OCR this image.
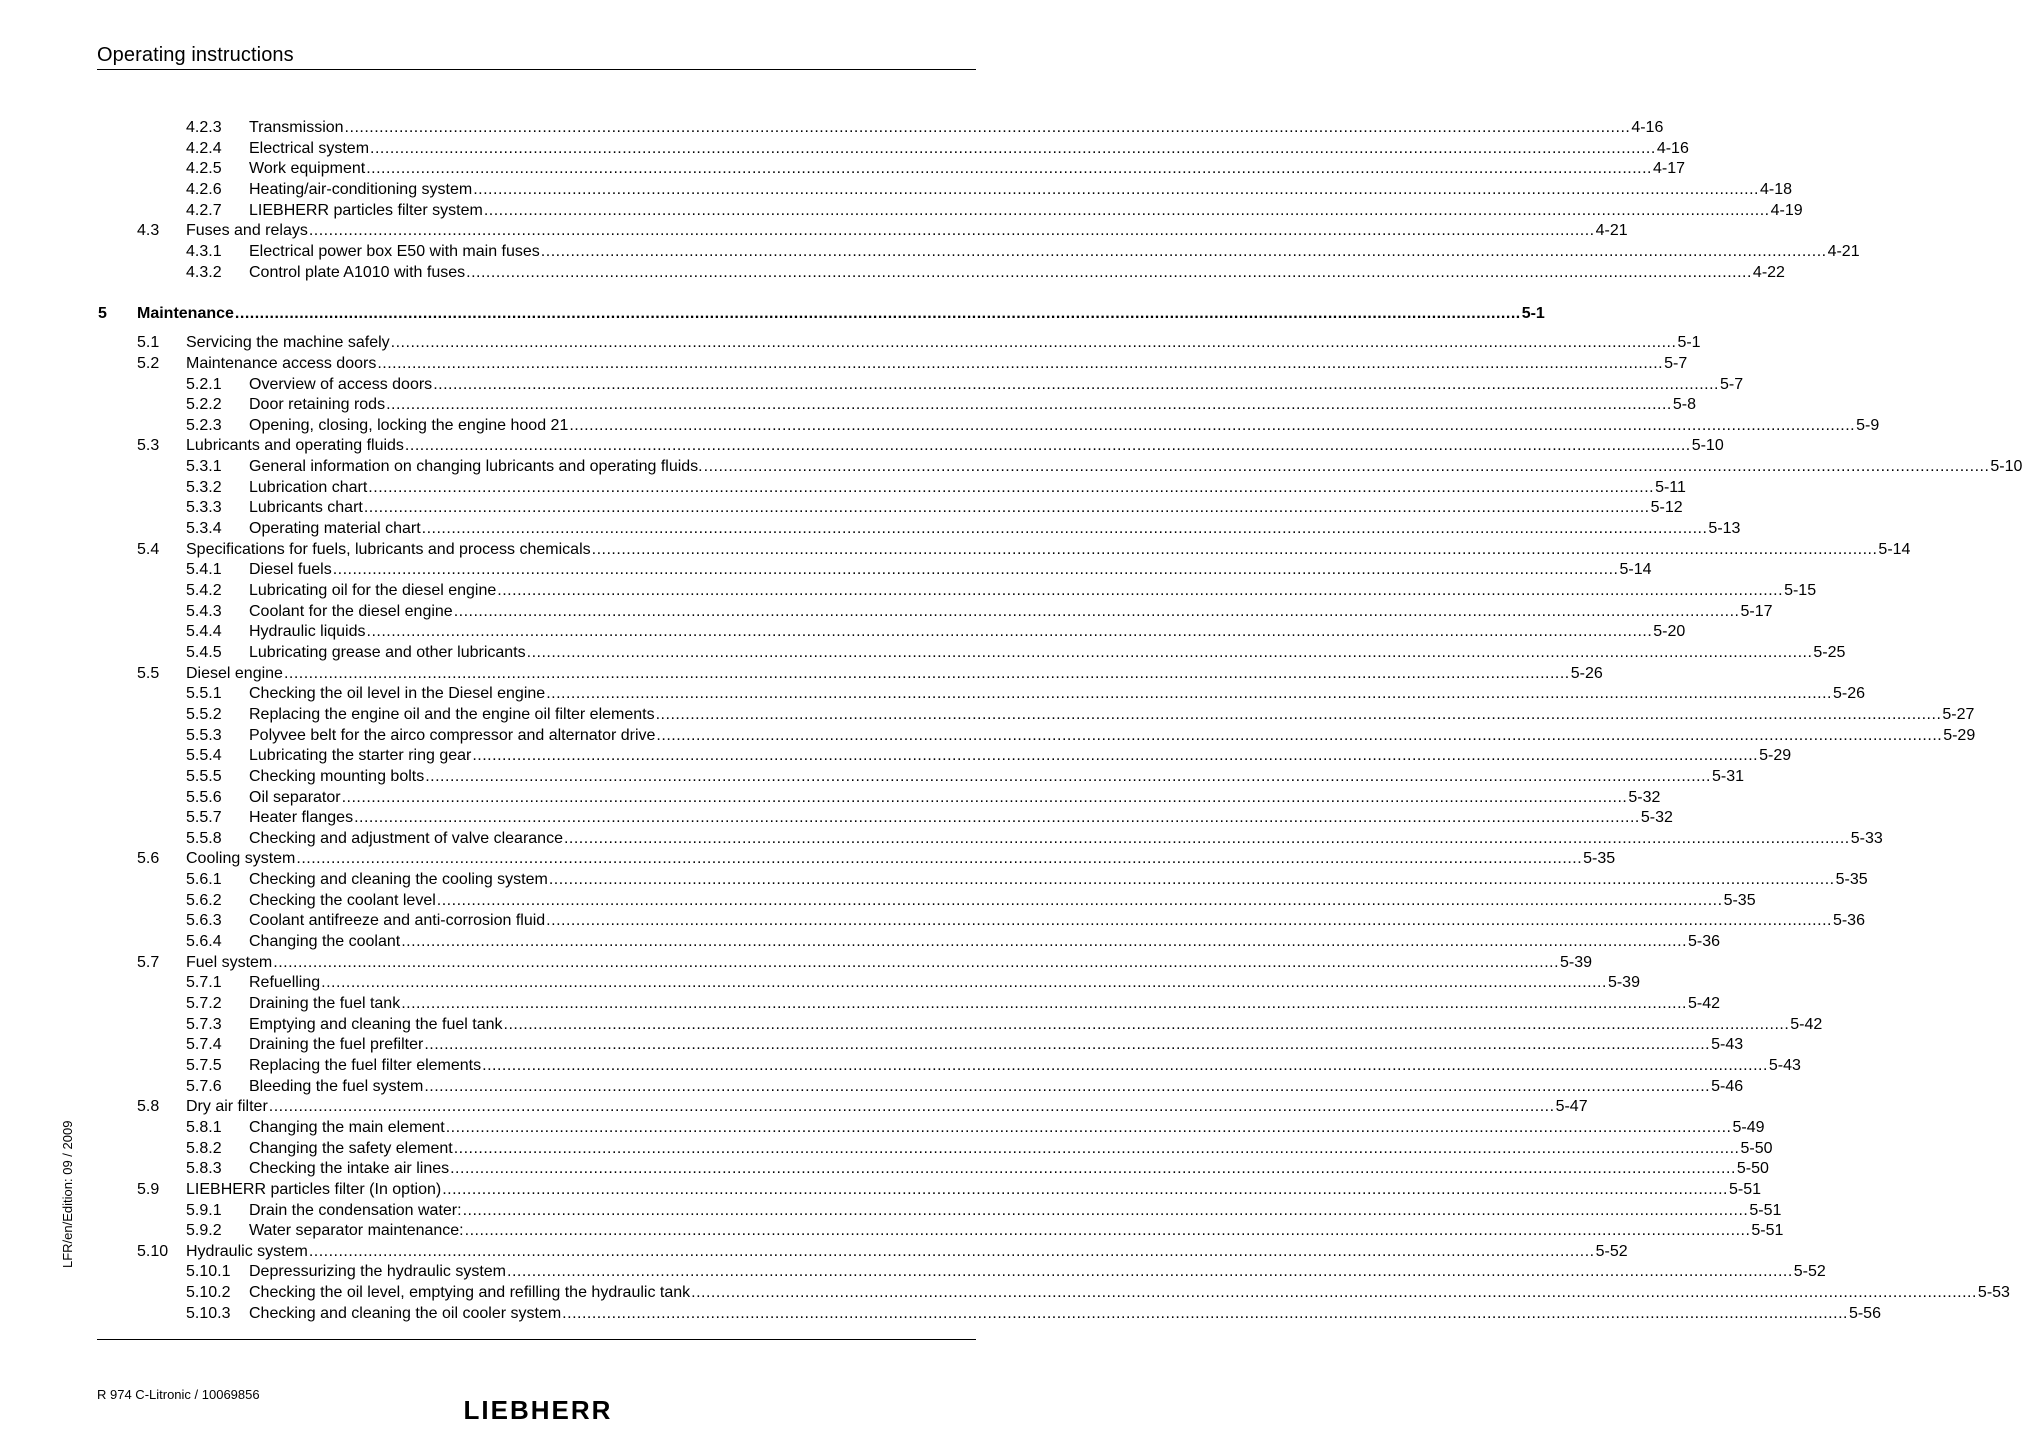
Operating instructions
LFR/en/Edition: 09 / 2009
4.2.3 Transmission .................................................................................................................................................................................................................................................................... 4-16
4.2.4 Electrical system .................................................................................................................................................................................................................................................................... 4-16
4.2.5 Work equipment .................................................................................................................................................................................................................................................................... 4-17
4.2.6 Heating/air-conditioning system .................................................................................................................................................................................................................................................................... 4-18
4.2.7 LIEBHERR particles filter system .................................................................................................................................................................................................................................................................... 4-19
4.3 Fuses and relays .................................................................................................................................................................................................................................................................... 4-21
4.3.1 Electrical power box E50 with main fuses .................................................................................................................................................................................................................................................................... 4-21
4.3.2 Control plate A1010 with fuses .................................................................................................................................................................................................................................................................... 4-22
5 Maintenance .................................................................................................................................................................................................................................................................... 5-1
5.1 Servicing the machine safely .................................................................................................................................................................................................................................................................... 5-1
5.2 Maintenance access doors .................................................................................................................................................................................................................................................................... 5-7
5.2.1 Overview of access doors .................................................................................................................................................................................................................................................................... 5-7
5.2.2 Door retaining rods .................................................................................................................................................................................................................................................................... 5-8
5.2.3 Opening, closing, locking the engine hood 21 .................................................................................................................................................................................................................................................................... 5-9
5.3 Lubricants and operating fluids .................................................................................................................................................................................................................................................................... 5-10
5.3.1 General information on changing lubricants and operating fluids. .................................................................................................................................................................................................................................................................... 5-10
5.3.2 Lubrication chart .................................................................................................................................................................................................................................................................... 5-11
5.3.3 Lubricants chart .................................................................................................................................................................................................................................................................... 5-12
5.3.4 Operating material chart .................................................................................................................................................................................................................................................................... 5-13
5.4 Specifications for fuels, lubricants and process chemicals .................................................................................................................................................................................................................................................................... 5-14
5.4.1 Diesel fuels .................................................................................................................................................................................................................................................................... 5-14
5.4.2 Lubricating oil for the diesel engine .................................................................................................................................................................................................................................................................... 5-15
5.4.3 Coolant for the diesel engine .................................................................................................................................................................................................................................................................... 5-17
5.4.4 Hydraulic liquids .................................................................................................................................................................................................................................................................... 5-20
5.4.5 Lubricating grease and other lubricants .................................................................................................................................................................................................................................................................... 5-25
5.5 Diesel engine .................................................................................................................................................................................................................................................................... 5-26
5.5.1 Checking the oil level in the Diesel engine .................................................................................................................................................................................................................................................................... 5-26
5.5.2 Replacing the engine oil and the engine oil filter elements .................................................................................................................................................................................................................................................................... 5-27
5.5.3 Polyvee belt for the airco compressor and alternator drive .................................................................................................................................................................................................................................................................... 5-29
5.5.4 Lubricating the starter ring gear .................................................................................................................................................................................................................................................................... 5-29
5.5.5 Checking mounting bolts .................................................................................................................................................................................................................................................................... 5-31
5.5.6 Oil separator .................................................................................................................................................................................................................................................................... 5-32
5.5.7 Heater flanges .................................................................................................................................................................................................................................................................... 5-32
5.5.8 Checking and adjustment of valve clearance .................................................................................................................................................................................................................................................................... 5-33
5.6 Cooling system .................................................................................................................................................................................................................................................................... 5-35
5.6.1 Checking and cleaning the cooling system .................................................................................................................................................................................................................................................................... 5-35
5.6.2 Checking the coolant level .................................................................................................................................................................................................................................................................... 5-35
5.6.3 Coolant antifreeze and anti-corrosion fluid .................................................................................................................................................................................................................................................................... 5-36
5.6.4 Changing the coolant .................................................................................................................................................................................................................................................................... 5-36
5.7 Fuel system .................................................................................................................................................................................................................................................................... 5-39
5.7.1 Refuelling .................................................................................................................................................................................................................................................................... 5-39
5.7.2 Draining the fuel tank .................................................................................................................................................................................................................................................................... 5-42
5.7.3 Emptying and cleaning the fuel tank .................................................................................................................................................................................................................................................................... 5-42
5.7.4 Draining the fuel prefilter .................................................................................................................................................................................................................................................................... 5-43
5.7.5 Replacing the fuel filter elements .................................................................................................................................................................................................................................................................... 5-43
5.7.6 Bleeding the fuel system .................................................................................................................................................................................................................................................................... 5-46
5.8 Dry air filter .................................................................................................................................................................................................................................................................... 5-47
5.8.1 Changing the main element .................................................................................................................................................................................................................................................................... 5-49
5.8.2 Changing the safety element .................................................................................................................................................................................................................................................................... 5-50
5.8.3 Checking the intake air lines .................................................................................................................................................................................................................................................................... 5-50
5.9 LIEBHERR particles filter (In option) .................................................................................................................................................................................................................................................................... 5-51
5.9.1 Drain the condensation water: .................................................................................................................................................................................................................................................................... 5-51
5.9.2 Water separator maintenance: .................................................................................................................................................................................................................................................................... 5-51
5.10 Hydraulic system .................................................................................................................................................................................................................................................................... 5-52
5.10.1 Depressurizing the hydraulic system .................................................................................................................................................................................................................................................................... 5-52
5.10.2 Checking the oil level, emptying and refilling the hydraulic tank .................................................................................................................................................................................................................................................................... 5-53
5.10.3 Checking and cleaning the oil cooler system .................................................................................................................................................................................................................................................................... 5-56
R 974 C-Litronic / 10069856
LIEBHERR
